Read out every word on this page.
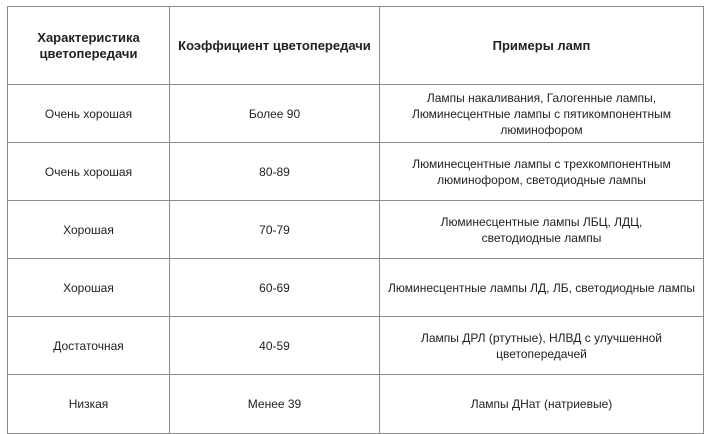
Характеристика цветопередачи	Коэффициент цветопередачи	Примеры ламп
Очень хорошая	Более 90	Лампы накаливания, Галогенные лампы, Люминесцентные лампы с пятикомпонентным люминофором
Очень хорошая	80-89	Люминесцентные лампы с трехкомпонентным люминофором, светодиодные лампы
Хорошая	70-79	Люминесцентные лампы ЛБЦ, ЛДЦ, светодиодные лампы
Хорошая	60-69	Люминесцентные лампы ЛД, ЛБ, светодиодные лампы
Достаточная	40-59	Лампы ДРЛ (ртутные), НЛВД с улучшенной цветопередачей
Низкая	Менее 39	Лампы ДНат (натриевые)
